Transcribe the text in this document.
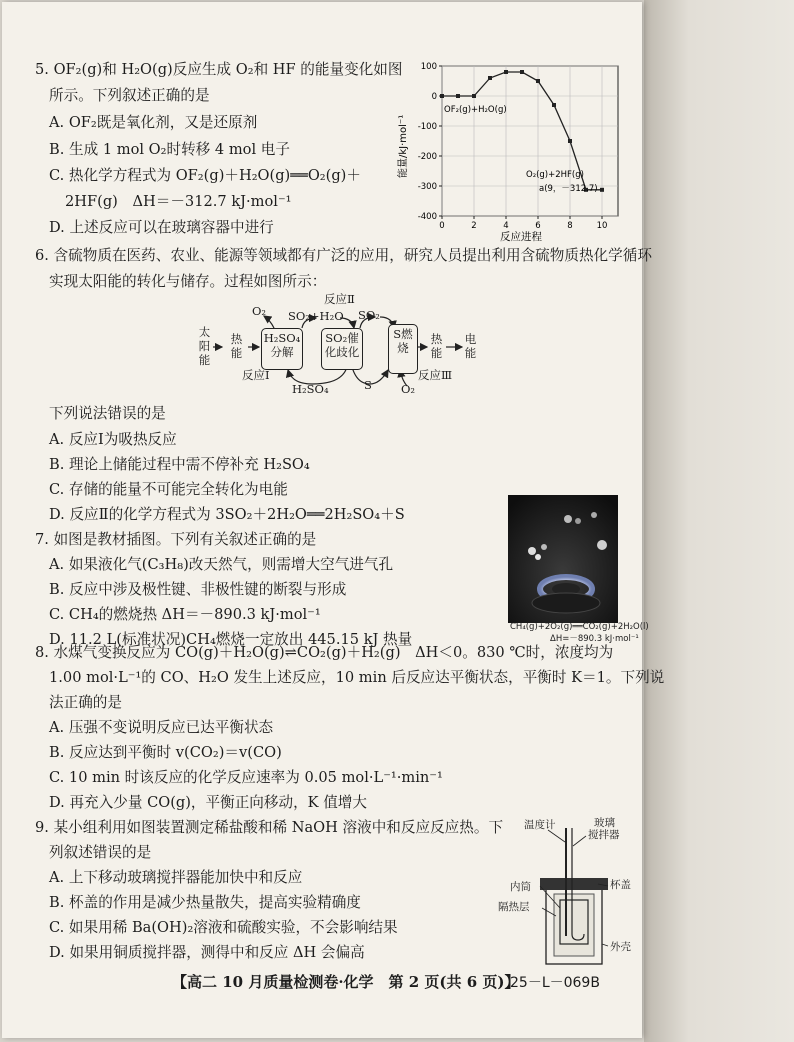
5. OF₂(g)和 H₂O(g)反应生成 O₂和 HF 的能量变化如图
所示。下列叙述正确的是
A. OF₂既是氧化剂，又是还原剂
B. 生成 1 mol O₂时转移 4 mol 电子
C. 热化学方程式为 OF₂(g)＋H₂O(g)══O₂(g)＋
2HF(g)　ΔH＝－312.7 kJ·mol⁻¹
D. 上述反应可以在玻璃容器中进行
100
0
-100
-200
-300
-400
0	2	4	6	8	10
OF₂(g)+H₂O(g)
O₂(g)+2HF(g)
a(9，－312.7)
反应进程
能量/kJ·mol⁻¹
6. 含硫物质在医药、农业、能源等领域都有广泛的应用，研究人员提出利用含硫物质热化学循环
实现太阳能的转化与储存。过程如图所示：
太阳能
热能
H₂SO₄分解
SO₂催化歧化
S燃烧
热能
电能
O₂ SO₂+H₂O SO₂
反应Ⅱ
反应Ⅰ
H₂SO₄	S
反应Ⅲ
O₂
下列说法错误的是
A. 反应Ⅰ为吸热反应
B. 理论上储能过程中需不停补充 H₂SO₄
C. 存储的能量不可能完全转化为电能
D. 反应Ⅱ的化学方程式为 3SO₂＋2H₂O══2H₂SO₄＋S
7. 如图是教材插图。下列有关叙述正确的是
A. 如果液化气(C₃H₈)改天然气，则需增大空气进气孔
B. 反应中涉及极性键、非极性键的断裂与形成
C. CH₄的燃烧热 ΔH＝－890.3 kJ·mol⁻¹
D. 11.2 L(标准状况)CH₄燃烧一定放出 445.15 kJ 热量
CH₄(g)+2O₂(g)══CO₂(g)+2H₂O(l)
ΔH=－890.3 kJ·mol⁻¹
8. 水煤气变换反应为 CO(g)＋H₂O(g)⇌CO₂(g)＋H₂(g)　ΔH＜0。830 ℃时，浓度均为
1.00 mol·L⁻¹的 CO、H₂O 发生上述反应，10 min 后反应达平衡状态，平衡时 K＝1。下列说
法正确的是
A. 压强不变说明反应已达平衡状态
B. 反应达到平衡时 v(CO₂)＝v(CO)
C. 10 min 时该反应的化学反应速率为 0.05 mol·L⁻¹·min⁻¹
D. 再充入少量 CO(g)，平衡正向移动，K 值增大
9. 某小组利用如图装置测定稀盐酸和稀 NaOH 溶液中和反应反应热。下
列叙述错误的是
A. 上下移动玻璃搅拌器能加快中和反应
B. 杯盖的作用是减少热量散失，提高实验精确度
C. 如果用稀 Ba(OH)₂溶液和硫酸实验，不会影响结果
D. 如果用铜质搅拌器，测得中和反应 ΔH 会偏高
温度计	玻璃
搅拌器
内筒	杯盖
隔热层
外壳
【高二 10 月质量检测卷·化学　第 2 页(共 6 页)】
25－L－069B
